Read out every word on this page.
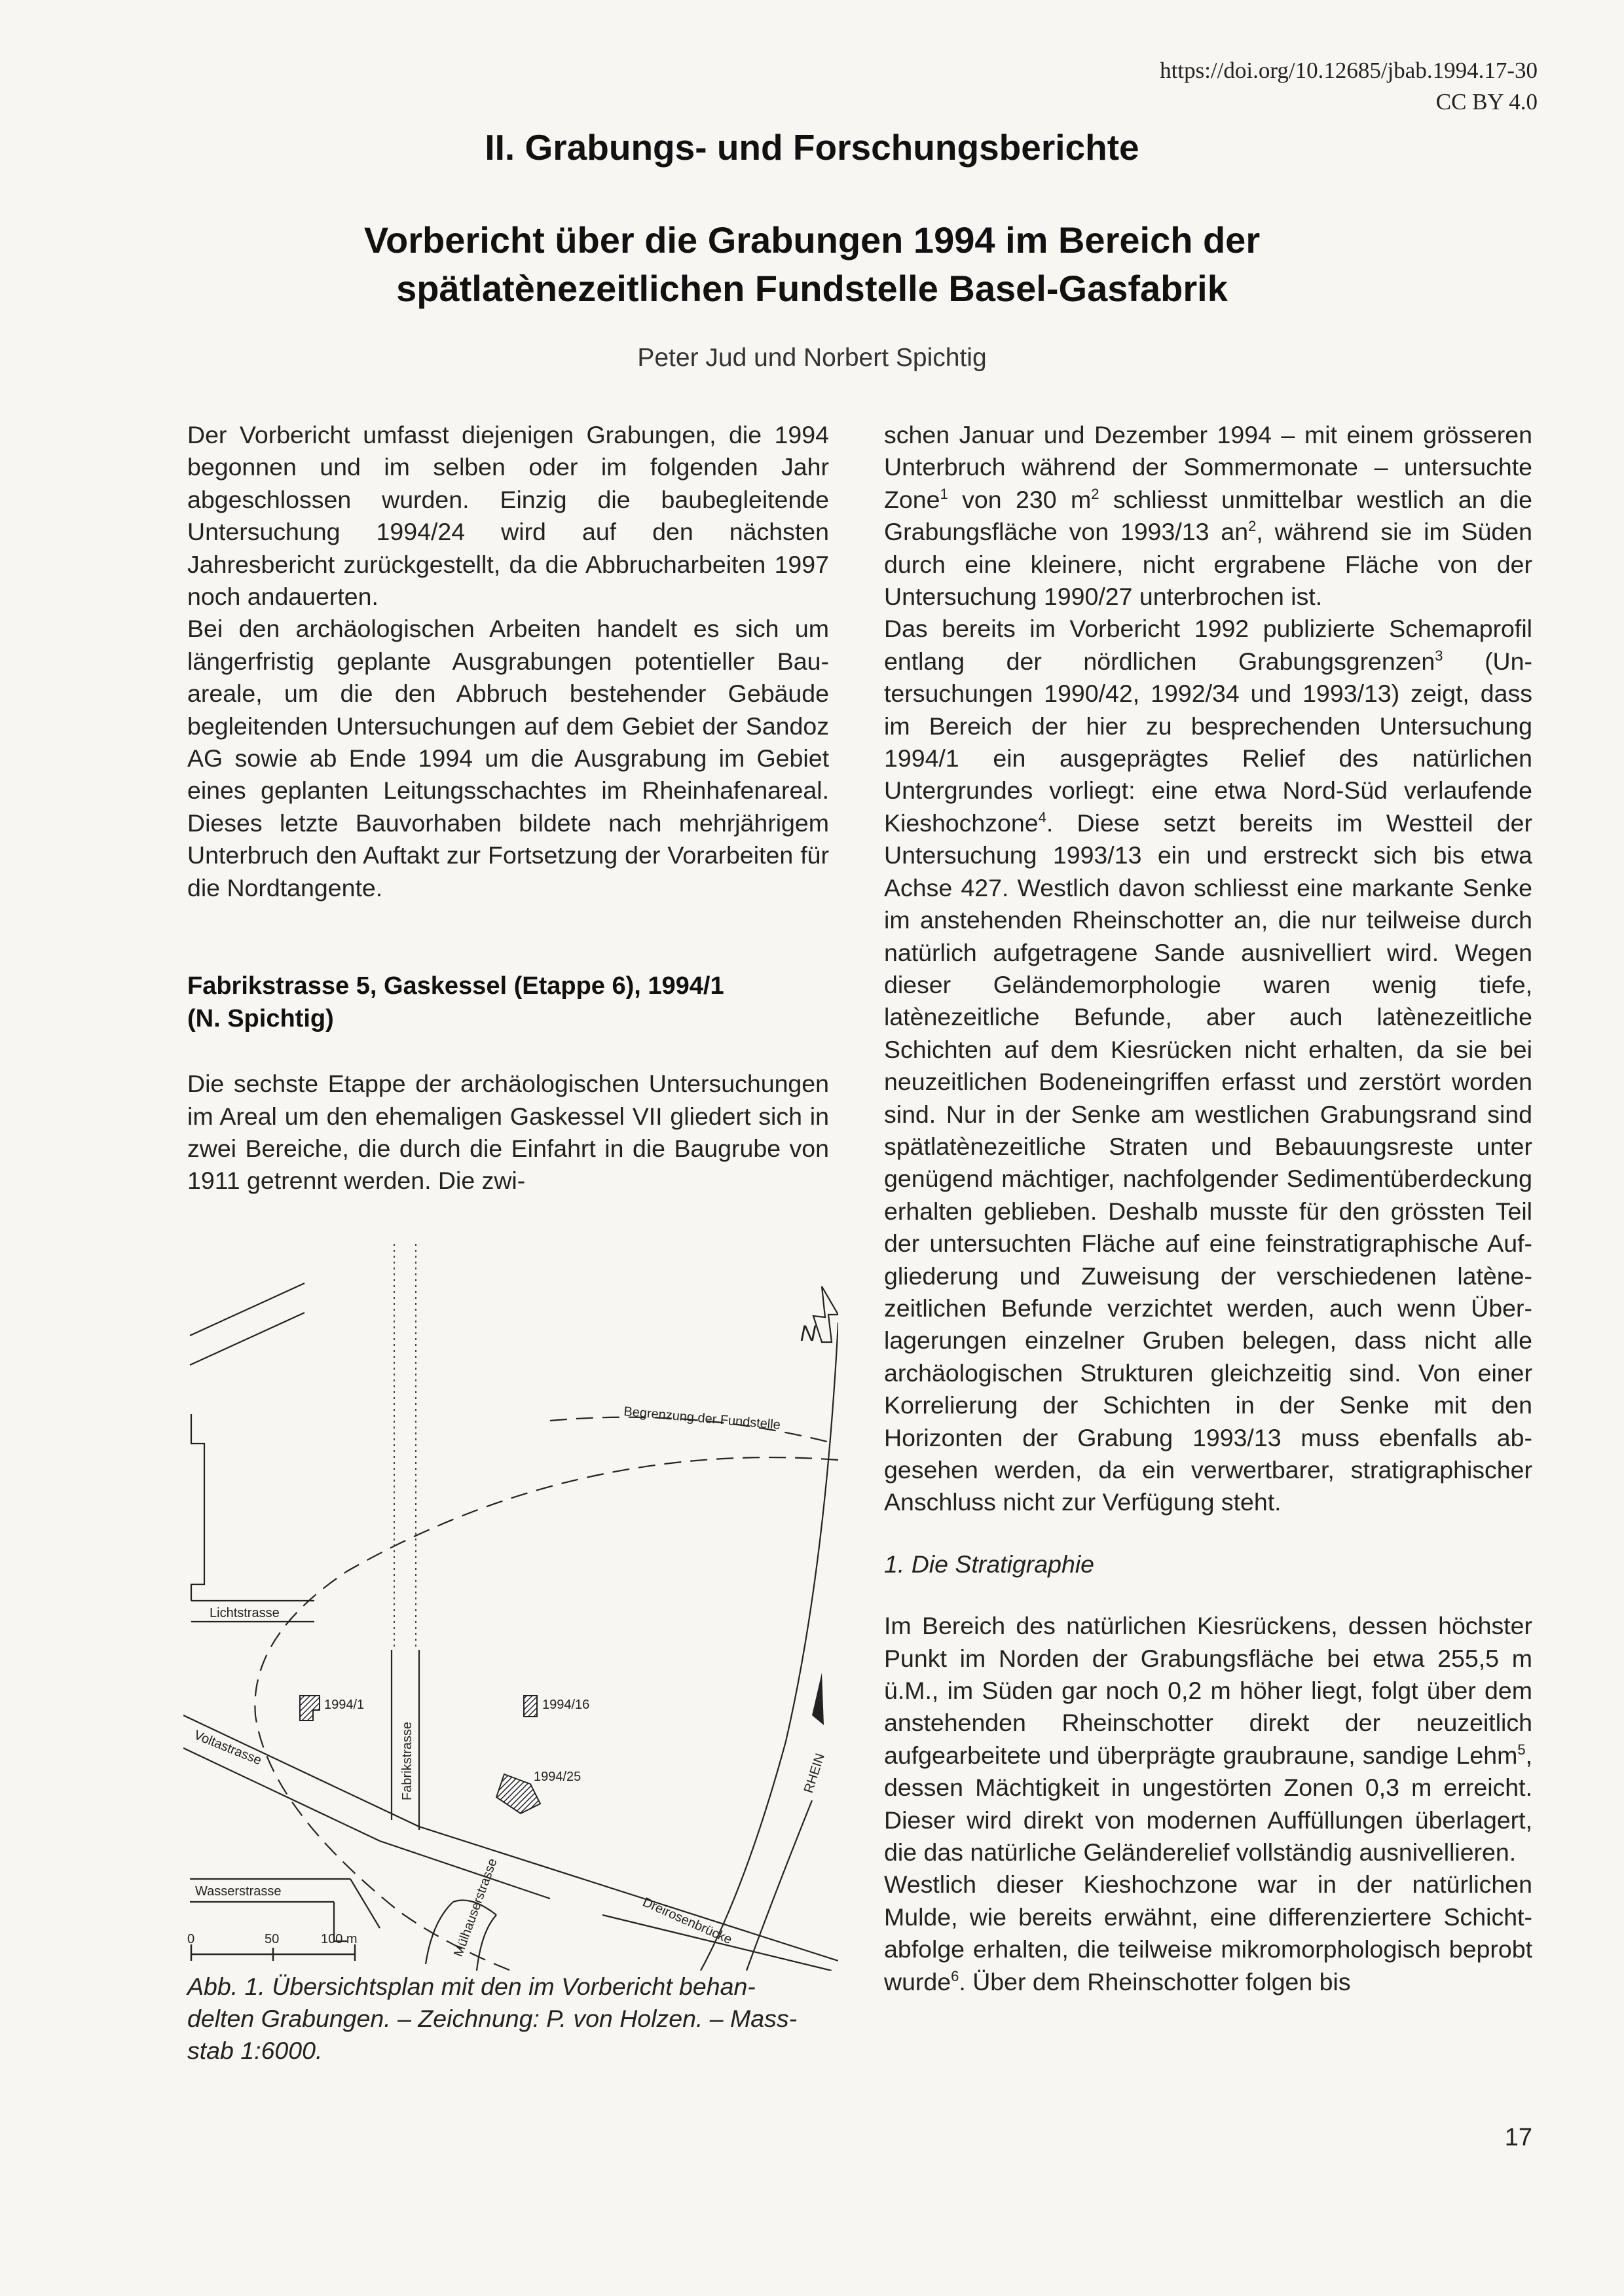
https://doi.org/10.12685/jbab.1994.17-30
CC BY 4.0
II. Grabungs- und Forschungsberichte
Vorbericht über die Grabungen 1994 im Bereich der
spätlatènezeitlichen Fundstelle Basel-Gasfabrik
Peter Jud und Norbert Spichtig

Der Vorbericht umfasst diejenigen Grabungen, die 1994 begonnen und im selben oder im folgenden Jahr abgeschlossen wurden. Einzig die baubegleitende Untersuchung 1994/24 wird auf den nächsten Jahresbericht zurückgestellt, da die Abbrucharbeiten 1997 noch andauerten.

Bei den archäologischen Arbeiten handelt es sich um längerfristig geplante Ausgrabungen potentieller Bauareale, um die den Abbruch bestehender Gebäude begleitenden Untersuchungen auf dem Gebiet der Sandoz AG sowie ab Ende 1994 um die Ausgrabung im Gebiet eines geplanten Leitungsschachtes im Rheinhafenareal. Dieses letzte Bauvorhaben bildete nach mehrjährigem Unterbruch den Auftakt zur Fortsetzung der Vorarbeiten für die Nordtangente.

Fabrikstrasse 5, Gaskessel (Etappe 6), 1994/1
(N. Spichtig)

Die sechste Etappe der archäologischen Untersuchungen im Areal um den ehemaligen Gaskessel VII gliedert sich in zwei Bereiche, die durch die Einfahrt in die Baugrube von 1911 getrennt werden. Die zwi-

N
Begrenzung der Fundstelle
Lichtstrasse
Fabrikstrasse
Voltastrasse
Wasserstrasse	Mülhauserstrasse	Dreirosenbrücke
RHEIN
1994/1	1994/16
1994/25
0	50	100 m
Abb. 1. Übersichtsplan mit den im Vorbericht behan-
delten Grabungen. – Zeichnung: P. von Holzen. – Mass-
stab 1:6000.

schen Januar und Dezember 1994 – mit einem grösseren Unterbruch während der Sommermonate – untersuchte Zone$^1$ von 230 $m^2$ schliesst unmittelbar westlich an die Grabungsfläche von 1993/13 $an^2$, während sie im Süden durch eine kleinere, nicht ergrabene Fläche von der Untersuchung 1990/27 unterbrochen ist.

Das bereits im Vorbericht 1992 publizierte Schemaprofil entlang der nördlichen Grabungsgrenzen$^3$ (Untersuchungen 1990/42, 1992/34 und 1993/13) zeigt, dass im Bereich der hier zu besprechenden Untersuchung 1994/1 ein ausgeprägtes Relief des natürlichen Untergrundes vorliegt: eine etwa Nord-Süd verlaufende Kieshochzone$^4$. Diese setzt bereits im Westteil der Untersuchung 1993/13 ein und erstreckt sich bis etwa Achse 427. Westlich davon schliesst eine markante Senke im anstehenden Rheinschotter an, die nur teilweise durch natürlich aufgetragene Sande ausnivelliert wird. Wegen dieser Geländemorphologie waren wenig tiefe, latènezeitliche Befunde, aber auch latènezeitliche Schichten auf dem Kiesrücken nicht erhalten, da sie bei neuzeitlichen Bodeneingriffen erfasst und zerstört worden sind. Nur in der Senke am westlichen Grabungsrand sind spätlatènezeitliche Straten und Bebauungsreste unter genügend mächtiger, nachfolgender Sedimentüberdeckung erhalten geblieben. Deshalb musste für den grössten Teil der untersuchten Fläche auf eine feinstratigraphische Aufgliederung und Zuweisung der verschiedenen latènezeitlichen Befunde verzichtet werden, auch wenn Überlagerungen einzelner Gruben belegen, dass nicht alle archäologischen Strukturen gleichzeitig sind. Von einer Korrelierung der Schichten in der Senke mit den Horizonten der Grabung 1993/13 muss ebenfalls abgesehen werden, da ein verwertbarer, stratigraphischer Anschluss nicht zur Verfügung steht.

1. Die Stratigraphie

Im Bereich des natürlichen Kiesrückens, dessen höchster Punkt im Norden der Grabungsfläche bei etwa 255,5 m ü.M., im Süden gar noch 0,2 m höher liegt, folgt über dem anstehenden Rheinschotter direkt der neuzeitlich aufgearbeitete und überprägte graubraune, sandige Lehm$^5$, dessen Mächtigkeit in ungestörten Zonen 0,3 m erreicht. Dieser wird direkt von modernen Auffüllungen überlagert, die das natürliche Geländerelief vollständig ausnivellieren.

Westlich dieser Kieshochzone war in der natürlichen Mulde, wie bereits erwähnt, eine differenziertere Schichtabfolge erhalten, die teilweise mikromorphologisch beprobt wurde$^6$. Über dem Rheinschotter folgen bis

17
